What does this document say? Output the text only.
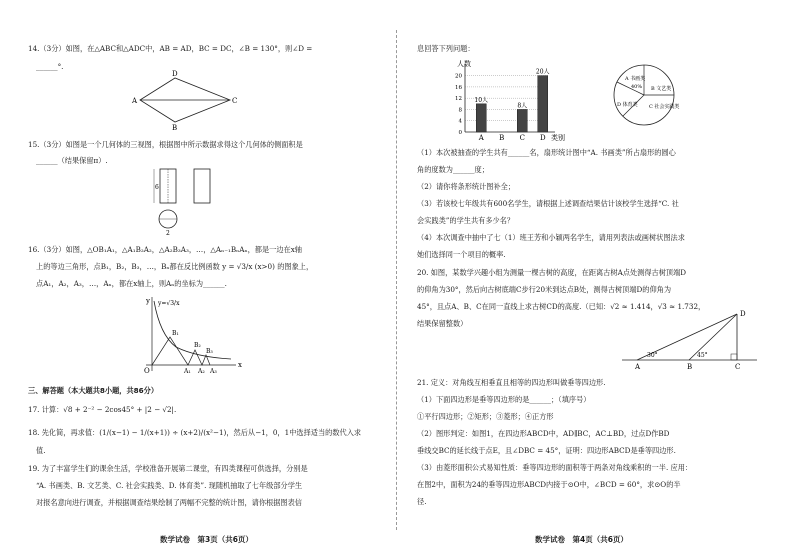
14.（3分）如图，在△ABC和△ADC中，AB = AD，BC = DC，∠B = 130°，则∠D =
______°.
A
D
C
B
15.（3分）如图是一个几何体的三视图，根据图中所示数据求得这个几何体的侧面积是
______（结果保留π）.
6
2
16.（3分）如图，△OB₁A₁，△A₁B₂A₂，△A₂B₃A₃，…，△Aₙ₋₁BₙAₙ，都是一边在x轴
上的等边三角形，点B₁，B₂，B₃，…，Bₙ都在反比例函数 y = √3/x (x>0) 的图象上，
点A₁，A₂，A₃，…，Aₙ，都在x轴上，则Aₙ的坐标为______.
O
y
x
y=√3/x
B₁
B₂
B₃
A₁ A₂ A₃
三、解答题（本大题共8小题，共86分）
17. 计算：√8 + 2⁻² − 2cos45° + |2 − √2|.
18. 先化简，再求值：(1/(x−1) − 1/(x+1)) ÷ (x+2)/(x²−1)，然后从−1，0，1中选择适当的数代入求
值.
19. 为了丰富学生们的课余生活，学校准备开展第二课堂，有四类课程可供选择，分别是
“A. 书画类、B. 文艺类、C. 社会实践类、D. 体育类”. 现随机抽取了七年级部分学生
对报名意向进行调查，并根据调查结果绘制了两幅不完整的统计图，请你根据图表信
数学试卷　第3页（共6页）
息回答下列问题：
0
4
8
12
16
20
A
10人
B C
8人
D
20人
人数
类别
A 书画类
40% B 文艺类
C 社会实践类
D 体育类
（1）本次被抽查的学生共有______名，扇形统计图中“A. 书画类”所占扇形的圆心
角的度数为______度；
（2）请你将条形统计图补全；
（3）若该校七年级共有600名学生，请根据上述调查结果估计该校学生选择“C. 社
会实践类”的学生共有多少名？
（4）本次调查中抽中了七（1）班王芳和小颖两名学生，请用列表法或画树状图法求
她们选择同一个项目的概率.
20. 如图，某数学兴趣小组为测量一棵古树的高度，在距离古树A点处测得古树顶端D
的仰角为30°，然后向古树底端C步行20米到达点B处，测得古树顶端D的仰角为
45°，且点A、B、C在同一直线上求古树CD的高度.（已知：√2 ≈ 1.414，√3 ≈ 1.732，
结果保留整数）
A	B	C
D
30°	45°
21. 定义：对角线互相垂直且相等的四边形叫做垂等四边形.
（1）下面四边形是垂等四边形的是______；（填序号）
①平行四边形；②矩形；③菱形；④正方形
（2）图形判定：如图1，在四边形ABCD中，AD∥BC，AC⊥BD，过点D作BD
垂线交BC的延长线于点E，且∠DBC = 45°，证明：四边形ABCD是垂等四边形.
（3）由菱形面积公式易知性质：垂等四边形的面积等于两条对角线乘积的一半. 应用：
在图2中，面积为24的垂等四边形ABCD内接于⊙O中，∠BCD = 60°，求⊙O的半
径.
数学试卷　第4页（共6页）
